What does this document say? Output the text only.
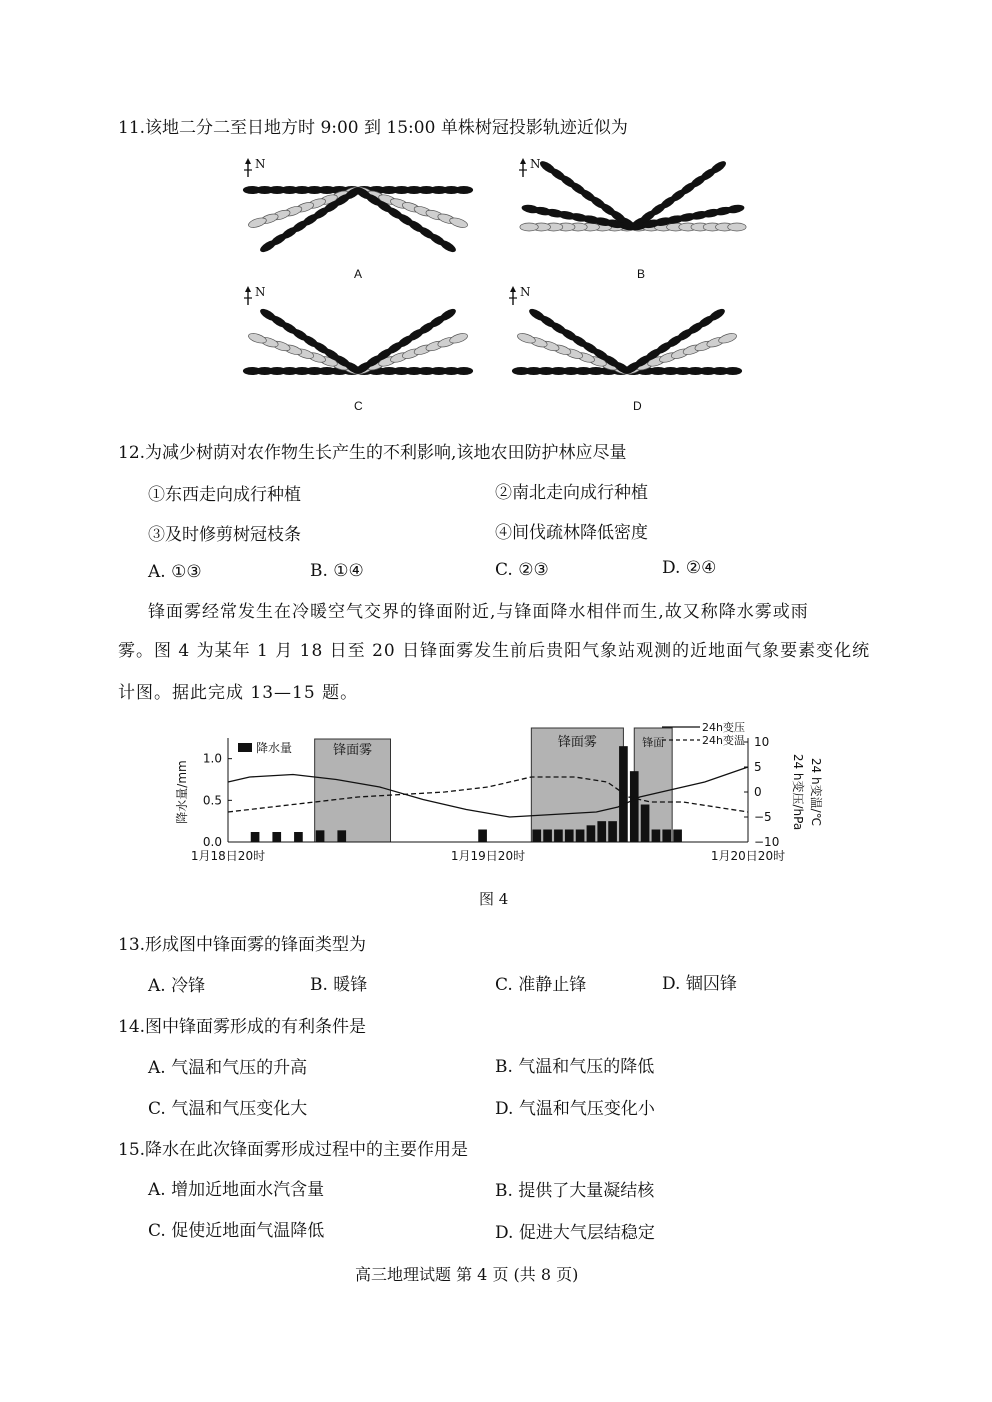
11.该地二分二至日地方时 9:00 到 15:00 单株树冠投影轨迹近似为
N
A
N
B
N
C
N
D
12.为减少树荫对农作物生长产生的不利影响,该地农田防护林应尽量
①东西走向成行种植	②南北走向成行种植
③及时修剪树冠枝条	④间伐疏林降低密度
A. ①③	B. ①④	C. ②③	D. ②④
锋面雾经常发生在冷暖空气交界的锋面附近,与锋面降水相伴而生,故又称降水雾或雨
雾。图 4 为某年 1 月 18 日至 20 日锋面雾发生前后贵阳气象站观测的近地面气象要素变化统
计图。据此完成 13—15 题。
锋面雾
锋面雾	锋面
1.0
0.5
0.0
10
5
0
−5
−10
降水量/mm	24 h变压/hPa 24 h变温/℃
1月18日20时	1月19日20时	1月20日20时
降水量
24h变压
24h变温
图 4
13.形成图中锋面雾的锋面类型为
A. 冷锋	B. 暖锋	C. 准静止锋	D. 锢囚锋
14.图中锋面雾形成的有利条件是
A. 气温和气压的升高	B. 气温和气压的降低
C. 气温和气压变化大	D. 气温和气压变化小
15.降水在此次锋面雾形成过程中的主要作用是
A. 增加近地面水汽含量	B. 提供了大量凝结核
C. 促使近地面气温降低	D. 促进大气层结稳定
高三地理试题 第 4 页 (共 8 页)
